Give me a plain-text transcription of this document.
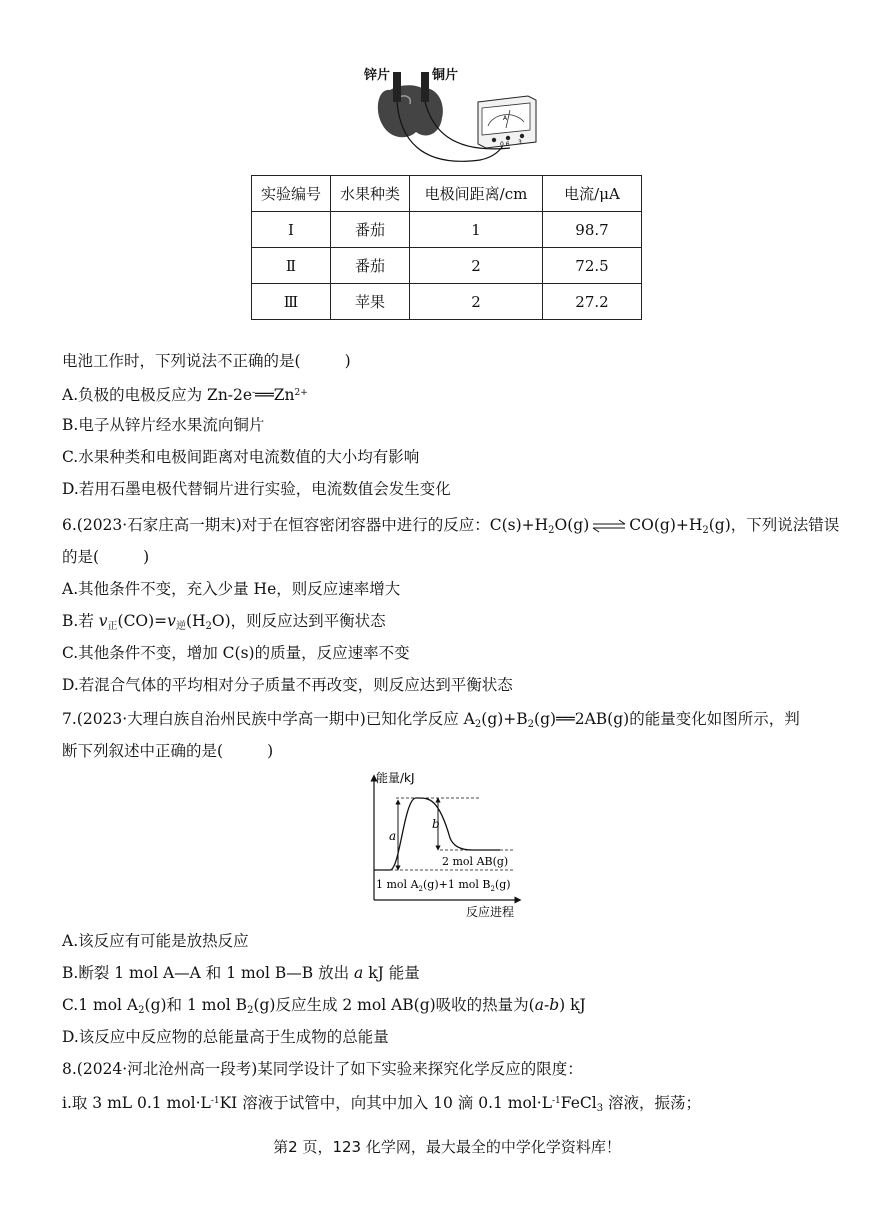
锌片	铜片
A
0.6 3
实验编号	水果种类	电极间距离/cm	电流/μA
Ⅰ	番茄	1	98.7
Ⅱ	番茄	2	72.5
Ⅲ	苹果	2	27.2
电池工作时，下列说法不正确的是(	)
A.负极的电极反应为 $Zn-2e^-══Zn^{2+}$
B.电子从锌片经水果流向铜片
C.水果种类和电极间距离对电流数值的大小均有影响
D.若用石墨电极代替铜片进行实验，电流数值会发生变化
6.(2023·石家庄高一期末)对于在恒容密闭容器中进行的反应：$C(s)+H_2O(g)$ ⇌ $CO(g)+H_2(g)$，下列说法错误
的是(	)
A.其他条件不变，充入少量 He，则反应速率增大
B.若 $v_正(CO)=v_逆(H_2O)$，则反应达到平衡状态
C.其他条件不变，增加 C(s)的质量，反应速率不变
D.若混合气体的平均相对分子质量不再改变，则反应达到平衡状态
7.(2023·大理白族自治州民族中学高一期中)已知化学反应 $A_2(g)+B_2(g)══2AB(g)$的能量变化如图所示，判
断下列叙述中正确的是(	)
能量/kJ
反应进程
a
b
2 mol AB(g)
1 mol $A_2(g)+1$ mol $B_2(g)$
A.该反应有可能是放热反应
B.断裂 1 mol A—A 和 1 mol B—B 放出 a kJ 能量
C.1 mol $A_2(g)$和 1 mol $B_2(g)$反应生成 2 mol AB(g)吸收的热量为(a-b) kJ
D.该反应中反应物的总能量高于生成物的总能量
8.(2024·河北沧州高一段考)某同学设计了如下实验来探究化学反应的限度：
ⅰ.取 3 mL 0.1 $mol\cdot L^{-1}KI$ 溶液于试管中，向其中加入 10 滴 0.1 $mol\cdot L^{-1}FeCl_3$ 溶液，振荡；
第2 页，123 化学网，最大最全的中学化学资料库！
